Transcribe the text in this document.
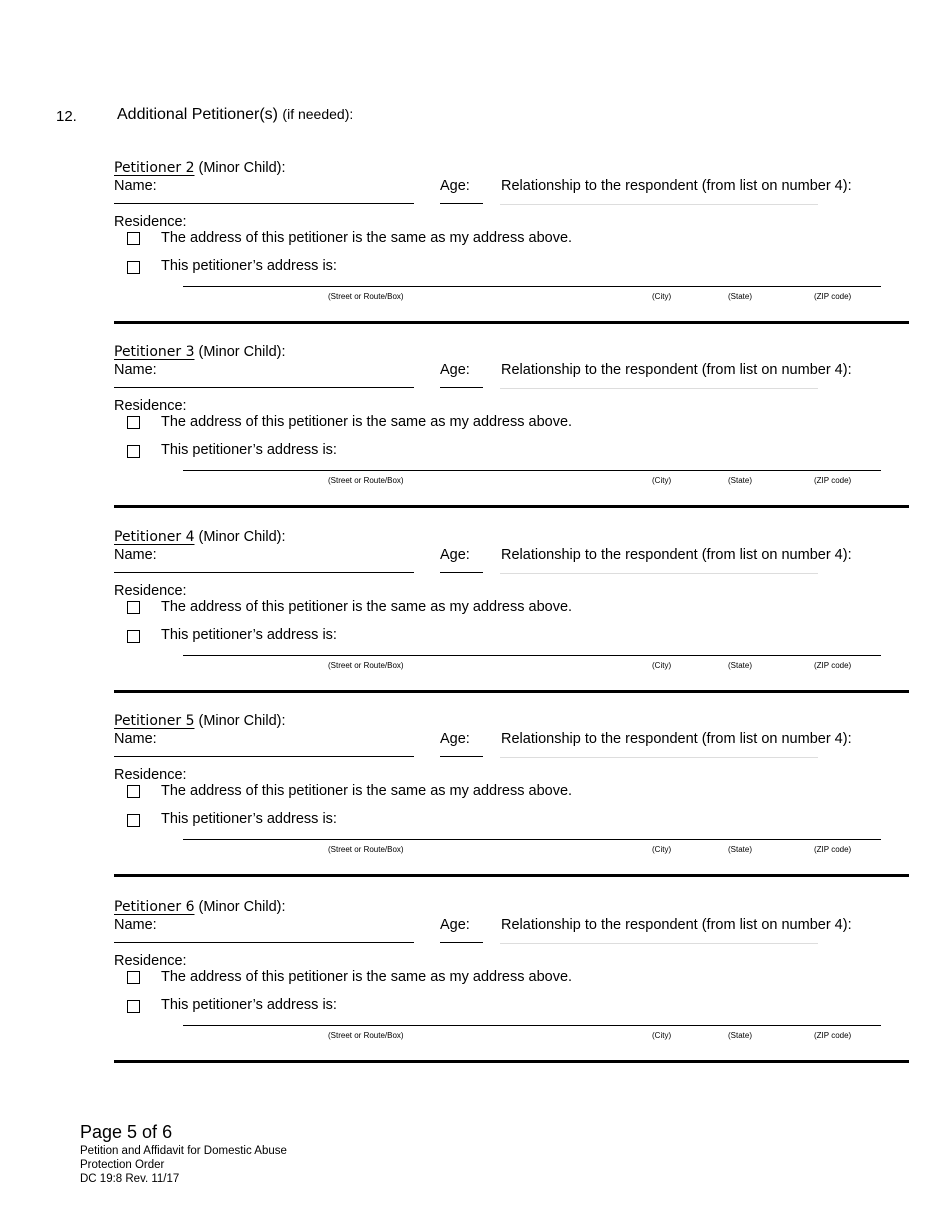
12.	Additional Petitioner(s) (if needed):
Petitioner 2 (Minor Child):
Name:	Age: Relationship to the respondent (from list on number 4):
Residence:
The address of this petitioner is the same as my address above.
This petitioner’s address is:
(Street or Route/Box)	(City)	(State)	(ZIP code)
Petitioner 3 (Minor Child):
Name:	Age: Relationship to the respondent (from list on number 4):
Residence:
The address of this petitioner is the same as my address above.
This petitioner’s address is:
(Street or Route/Box)	(City)	(State)	(ZIP code)
Petitioner 4 (Minor Child):
Name:	Age: Relationship to the respondent (from list on number 4):
Residence:
The address of this petitioner is the same as my address above.
This petitioner’s address is:
(Street or Route/Box)	(City)	(State)	(ZIP code)
Petitioner 5 (Minor Child):
Name:	Age: Relationship to the respondent (from list on number 4):
Residence:
The address of this petitioner is the same as my address above.
This petitioner’s address is:
(Street or Route/Box)	(City)	(State)	(ZIP code)
Petitioner 6 (Minor Child):
Name:	Age: Relationship to the respondent (from list on number 4):
Residence:
The address of this petitioner is the same as my address above.
This petitioner’s address is:
(Street or Route/Box)	(City)	(State)	(ZIP code)
Page 5 of 6
Petition and Affidavit for Domestic Abuse
Protection Order
DC 19:8 Rev. 11/17
